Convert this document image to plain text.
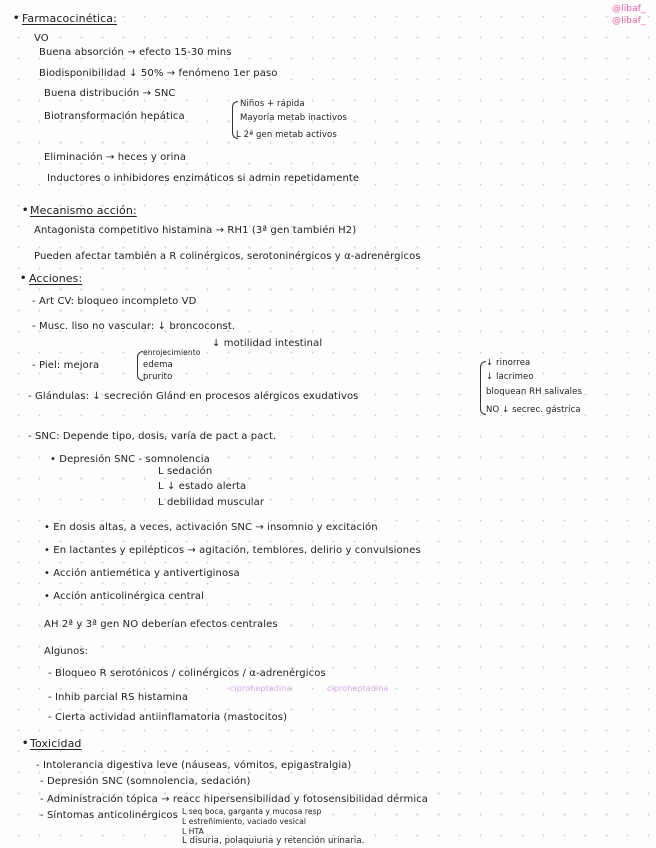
@libaf_
@libaf_
• Farmacocinética:
VO
Buena absorción → efecto 15-30 mins
Biodisponibilidad ↓ 50% → fenómeno 1er paso
Buena distribución → SNC
Biotransformación hepática
Niños + rápida
Mayoría metab inactivos
L 2ª gen metab activos
Eliminación → heces y orina
Inductores o inhibidores enzimáticos si admin repetidamente
• Mecanismo acción:
Antagonista competitivo histamina → RH1 (3ª gen también H2)
Pueden afectar también a R colinérgicos, serotoninérgicos y α-adrenérgicos
• Acciones:
- Art CV: bloqueo incompleto VD
- Musc. liso no vascular: ↓ broncoconst.
↓ motilidad intestinal
- Piel: mejora
enrojecimiento
edema
prurito
- Glándulas: ↓ secreción Glánd en procesos alérgicos exudativos
↓ rinorrea
↓ lacrimeo
bloquean RH salivales
NO ↓ secrec. gástrica
- SNC: Depende tipo, dosis, varía de pact a pact.
• Depresión SNC - somnolencia
L sedación
L ↓ estado alerta
L debilidad muscular
• En dosis altas, a veces, activación SNC → insomnio y excitación
• En lactantes y epilépticos → agitación, temblores, delirio y convulsiones
• Acción antiemética y antivertiginosa
• Acción anticolinérgica central
AH 2ª y 3ª gen NO deberían efectos centrales
Algunos:
- Bloqueo R serotónicos / colinérgicos / α-adrenérgicos
ciproheptadina	ciproheptadina
- Inhib parcial RS histamina
- Cierta actividad antiinflamatoria (mastocitos)
• Toxicidad
- Intolerancia digestiva leve (náuseas, vómitos, epigastralgia)
- Depresión SNC (somnolencia, sedación)
- Administración tópica → reacc hipersensibilidad y fotosensibilidad dérmica
- Síntomas anticolinérgicos L seq boca, garganta y mucosa resp
L estreñimiento, vaciado vesical
L HTA
L disuria, polaquiuria y retención urinaria.
